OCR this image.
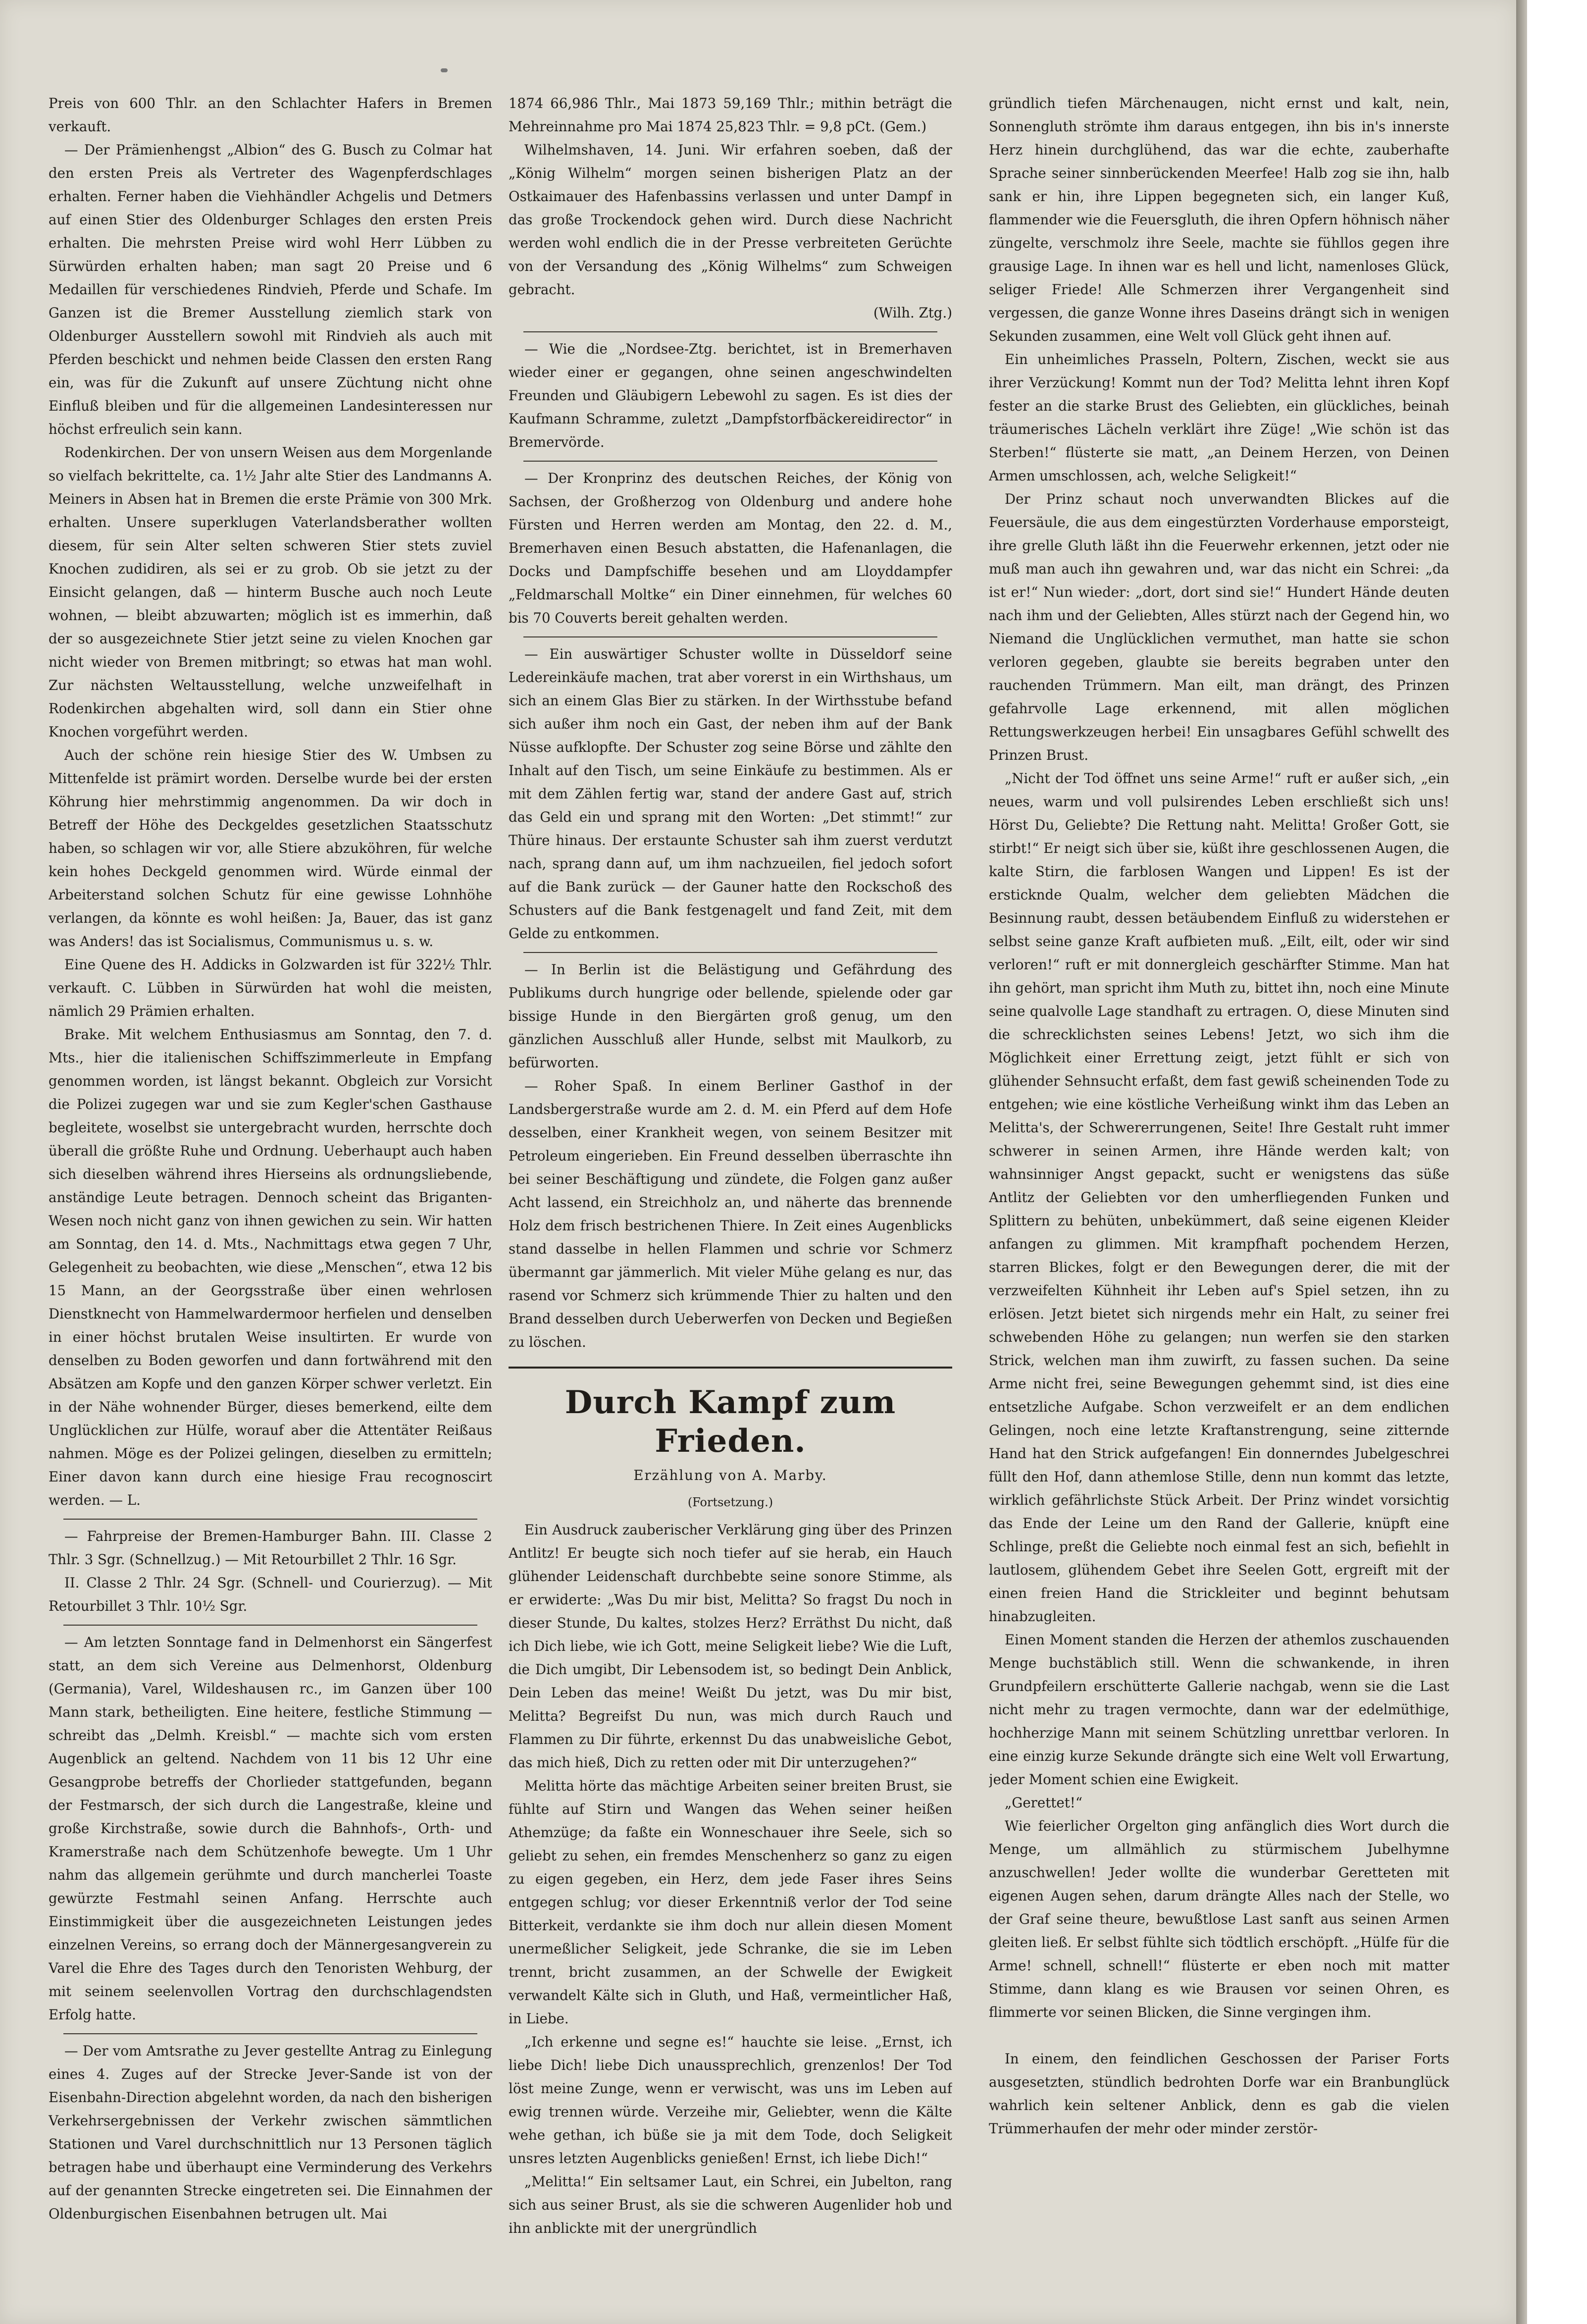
Preis von 600 Thlr. an den Schlachter Hafers in Bremen verkauft.

— Der Prämienhengst „Albion“ des G. Busch zu Colmar hat den ersten Preis als Vertreter des Wagenpferdschlages erhalten. Ferner haben die Viehhändler Achgelis und Detmers auf einen Stier des Oldenburger Schlages den ersten Preis erhalten. Die mehrsten Preise wird wohl Herr Lübben zu Sürwürden erhalten haben; man sagt 20 Preise und 6 Medaillen für verschiedenes Rindvieh, Pferde und Schafe. Im Ganzen ist die Bremer Ausstellung ziemlich stark von Oldenburger Ausstellern sowohl mit Rindvieh als auch mit Pferden beschickt und nehmen beide Classen den ersten Rang ein, was für die Zukunft auf unsere Züchtung nicht ohne Einfluß bleiben und für die allgemeinen Landesinteressen nur höchst erfreulich sein kann.

Rodenkirchen. Der von unsern Weisen aus dem Morgenlande so vielfach bekrittelte, ca. 1½ Jahr alte Stier des Landmanns A. Meiners in Absen hat in Bremen die erste Prämie von 300 Mrk. erhalten. Unsere superklugen Vaterlandsberather wollten diesem, für sein Alter selten schweren Stier stets zuviel Knochen zudidiren, als sei er zu grob. Ob sie jetzt zu der Einsicht gelangen, daß — hinterm Busche auch noch Leute wohnen, — bleibt abzuwarten; möglich ist es immerhin, daß der so ausgezeichnete Stier jetzt seine zu vielen Knochen gar nicht wieder von Bremen mitbringt; so etwas hat man wohl. Zur nächsten Weltausstellung, welche unzweifelhaft in Rodenkirchen abgehalten wird, soll dann ein Stier ohne Knochen vorgeführt werden.

Auch der schöne rein hiesige Stier des W. Umbsen zu Mittenfelde ist prämirt worden. Derselbe wurde bei der ersten Köhrung hier mehrstimmig angenommen. Da wir doch in Betreff der Höhe des Deckgeldes gesetzlichen Staatsschutz haben, so schlagen wir vor, alle Stiere abzuköhren, für welche kein hohes Deckgeld genommen wird. Würde einmal der Arbeiterstand solchen Schutz für eine gewisse Lohnhöhe verlangen, da könnte es wohl heißen: Ja, Bauer, das ist ganz was Anders! das ist Socialismus, Communismus u. s. w.

Eine Quene des H. Addicks in Golzwarden ist für 322½ Thlr. verkauft. C. Lübben in Sürwürden hat wohl die meisten, nämlich 29 Prämien erhalten.

Brake. Mit welchem Enthusiasmus am Sonntag, den 7. d. Mts., hier die italienischen Schiffszimmerleute in Empfang genommen worden, ist längst bekannt. Obgleich zur Vorsicht die Polizei zugegen war und sie zum Kegler'schen Gasthause begleitete, woselbst sie untergebracht wurden, herrschte doch überall die größte Ruhe und Ordnung. Ueberhaupt auch haben sich dieselben während ihres Hierseins als ordnungsliebende, anständige Leute betragen. Dennoch scheint das Briganten-Wesen noch nicht ganz von ihnen gewichen zu sein. Wir hatten am Sonntag, den 14. d. Mts., Nachmittags etwa gegen 7 Uhr, Gelegenheit zu beobachten, wie diese „Menschen“, etwa 12 bis 15 Mann, an der Georgsstraße über einen wehrlosen Dienstknecht von Hammelwardermoor herfielen und denselben in einer höchst brutalen Weise insultirten. Er wurde von denselben zu Boden geworfen und dann fortwährend mit den Absätzen am Kopfe und den ganzen Körper schwer verletzt. Ein in der Nähe wohnender Bürger, dieses bemerkend, eilte dem Unglücklichen zur Hülfe, worauf aber die Attentäter Reißaus nahmen. Möge es der Polizei gelingen, dieselben zu ermitteln; Einer davon kann durch eine hiesige Frau recognoscirt werden. — L.

— Fahrpreise der Bremen-Hamburger Bahn. III. Classe 2 Thlr. 3 Sgr. (Schnellzug.) — Mit Retourbillet 2 Thlr. 16 Sgr.

II. Classe 2 Thlr. 24 Sgr. (Schnell- und Courierzug). — Mit Retourbillet 3 Thlr. 10½ Sgr.

— Am letzten Sonntage fand in Delmenhorst ein Sängerfest statt, an dem sich Vereine aus Delmenhorst, Oldenburg (Germania), Varel, Wildeshausen rc., im Ganzen über 100 Mann stark, betheiligten. Eine heitere, festliche Stimmung — schreibt das „Delmh. Kreisbl.“ — machte sich vom ersten Augenblick an geltend. Nachdem von 11 bis 12 Uhr eine Gesangprobe betreffs der Chorlieder stattgefunden, begann der Festmarsch, der sich durch die Langestraße, kleine und große Kirchstraße, sowie durch die Bahnhofs-, Orth- und Kramerstraße nach dem Schützenhofe bewegte. Um 1 Uhr nahm das allgemein gerühmte und durch mancherlei Toaste gewürzte Festmahl seinen Anfang. Herrschte auch Einstimmigkeit über die ausgezeichneten Leistungen jedes einzelnen Vereins, so errang doch der Männergesangverein zu Varel die Ehre des Tages durch den Tenoristen Wehburg, der mit seinem seelenvollen Vortrag den durchschlagendsten Erfolg hatte.

— Der vom Amtsrathe zu Jever gestellte Antrag zu Einlegung eines 4. Zuges auf der Strecke Jever-Sande ist von der Eisenbahn-Direction abgelehnt worden, da nach den bisherigen Verkehrsergebnissen der Verkehr zwischen sämmtlichen Stationen und Varel durchschnittlich nur 13 Personen täglich betragen habe und überhaupt eine Verminderung des Verkehrs auf der genannten Strecke eingetreten sei. Die Einnahmen der Oldenburgischen Eisenbahnen betrugen ult. Mai

1874 66,986 Thlr., Mai 1873 59,169 Thlr.; mithin beträgt die Mehreinnahme pro Mai 1874 25,823 Thlr. = 9,8 pCt. (Gem.)

Wilhelmshaven, 14. Juni. Wir erfahren soeben, daß der „König Wilhelm“ morgen seinen bisherigen Platz an der Ostkaimauer des Hafenbassins verlassen und unter Dampf in das große Trockendock gehen wird. Durch diese Nachricht werden wohl endlich die in der Presse verbreiteten Gerüchte von der Versandung des „König Wilhelms“ zum Schweigen gebracht.

(Wilh. Ztg.)

— Wie die „Nordsee-Ztg. berichtet, ist in Bremerhaven wieder einer er gegangen, ohne seinen angeschwindelten Freunden und Gläubigern Lebewohl zu sagen. Es ist dies der Kaufmann Schramme, zuletzt „Dampfstorfbäckereidirector“ in Bremervörde.

— Der Kronprinz des deutschen Reiches, der König von Sachsen, der Großherzog von Oldenburg und andere hohe Fürsten und Herren werden am Montag, den 22. d. M., Bremerhaven einen Besuch abstatten, die Hafenanlagen, die Docks und Dampfschiffe besehen und am Lloyddampfer „Feldmarschall Moltke“ ein Diner einnehmen, für welches 60 bis 70 Couverts bereit gehalten werden.

— Ein auswärtiger Schuster wollte in Düsseldorf seine Ledereinkäufe machen, trat aber vorerst in ein Wirthshaus, um sich an einem Glas Bier zu stärken. In der Wirthsstube befand sich außer ihm noch ein Gast, der neben ihm auf der Bank Nüsse aufklopfte. Der Schuster zog seine Börse und zählte den Inhalt auf den Tisch, um seine Einkäufe zu bestimmen. Als er mit dem Zählen fertig war, stand der andere Gast auf, strich das Geld ein und sprang mit den Worten: „Det stimmt!“ zur Thüre hinaus. Der erstaunte Schuster sah ihm zuerst verdutzt nach, sprang dann auf, um ihm nachzueilen, fiel jedoch sofort auf die Bank zurück — der Gauner hatte den Rockschoß des Schusters auf die Bank festgenagelt und fand Zeit, mit dem Gelde zu entkommen.

— In Berlin ist die Belästigung und Gefährdung des Publikums durch hungrige oder bellende, spielende oder gar bissige Hunde in den Biergärten groß genug, um den gänzlichen Ausschluß aller Hunde, selbst mit Maulkorb, zu befürworten.

— Roher Spaß. In einem Berliner Gasthof in der Landsbergerstraße wurde am 2. d. M. ein Pferd auf dem Hofe desselben, einer Krankheit wegen, von seinem Besitzer mit Petroleum eingerieben. Ein Freund desselben überraschte ihn bei seiner Beschäftigung und zündete, die Folgen ganz außer Acht lassend, ein Streichholz an, und näherte das brennende Holz dem frisch bestrichenen Thiere. In Zeit eines Augenblicks stand dasselbe in hellen Flammen und schrie vor Schmerz übermannt gar jämmerlich. Mit vieler Mühe gelang es nur, das rasend vor Schmerz sich krümmende Thier zu halten und den Brand desselben durch Ueberwerfen von Decken und Begießen zu löschen.

Durch Kampf zum Frieden.
Erzählung von A. Marby.
(Fortsetzung.)

Ein Ausdruck zauberischer Verklärung ging über des Prinzen Antlitz! Er beugte sich noch tiefer auf sie herab, ein Hauch glühender Leidenschaft durchbebte seine sonore Stimme, als er erwiderte: „Was Du mir bist, Melitta? So fragst Du noch in dieser Stunde, Du kaltes, stolzes Herz? Erräthst Du nicht, daß ich Dich liebe, wie ich Gott, meine Seligkeit liebe? Wie die Luft, die Dich umgibt, Dir Lebensodem ist, so bedingt Dein Anblick, Dein Leben das meine! Weißt Du jetzt, was Du mir bist, Melitta? Begreifst Du nun, was mich durch Rauch und Flammen zu Dir führte, erkennst Du das unabweisliche Gebot, das mich hieß, Dich zu retten oder mit Dir unterzugehen?“

Melitta hörte das mächtige Arbeiten seiner breiten Brust, sie fühlte auf Stirn und Wangen das Wehen seiner heißen Athemzüge; da faßte ein Wonneschauer ihre Seele, sich so geliebt zu sehen, ein fremdes Menschenherz so ganz zu eigen zu eigen gegeben, ein Herz, dem jede Faser ihres Seins entgegen schlug; vor dieser Erkenntniß verlor der Tod seine Bitterkeit, verdankte sie ihm doch nur allein diesen Moment unermeßlicher Seligkeit, jede Schranke, die sie im Leben trennt, bricht zusammen, an der Schwelle der Ewigkeit verwandelt Kälte sich in Gluth, und Haß, vermeintlicher Haß, in Liebe.

„Ich erkenne und segne es!“ hauchte sie leise. „Ernst, ich liebe Dich! liebe Dich unaussprechlich, grenzenlos! Der Tod löst meine Zunge, wenn er verwischt, was uns im Leben auf ewig trennen würde. Verzeihe mir, Geliebter, wenn die Kälte wehe gethan, ich büße sie ja mit dem Tode, doch Seligkeit unsres letzten Augenblicks genießen! Ernst, ich liebe Dich!“

„Melitta!“ Ein seltsamer Laut, ein Schrei, ein Jubelton, rang sich aus seiner Brust, als sie die schweren Augenlider hob und ihn anblickte mit der unergründlich

gründlich tiefen Märchenaugen, nicht ernst und kalt, nein, Sonnengluth strömte ihm daraus entgegen, ihn bis in's innerste Herz hinein durchglühend, das war die echte, zauberhafte Sprache seiner sinnberückenden Meerfee! Halb zog sie ihn, halb sank er hin, ihre Lippen begegneten sich, ein langer Kuß, flammender wie die Feuersgluth, die ihren Opfern höhnisch näher züngelte, verschmolz ihre Seele, machte sie fühllos gegen ihre grausige Lage. In ihnen war es hell und licht, namenloses Glück, seliger Friede! Alle Schmerzen ihrer Vergangenheit sind vergessen, die ganze Wonne ihres Daseins drängt sich in wenigen Sekunden zusammen, eine Welt voll Glück geht ihnen auf.

Ein unheimliches Prasseln, Poltern, Zischen, weckt sie aus ihrer Verzückung! Kommt nun der Tod? Melitta lehnt ihren Kopf fester an die starke Brust des Geliebten, ein glückliches, beinah träumerisches Lächeln verklärt ihre Züge! „Wie schön ist das Sterben!“ flüsterte sie matt, „an Deinem Herzen, von Deinen Armen umschlossen, ach, welche Seligkeit!“

Der Prinz schaut noch unverwandten Blickes auf die Feuersäule, die aus dem eingestürzten Vorderhause emporsteigt, ihre grelle Gluth läßt ihn die Feuerwehr erkennen, jetzt oder nie muß man auch ihn gewahren und, war das nicht ein Schrei: „da ist er!“ Nun wieder: „dort, dort sind sie!“ Hundert Hände deuten nach ihm und der Geliebten, Alles stürzt nach der Gegend hin, wo Niemand die Unglücklichen vermuthet, man hatte sie schon verloren gegeben, glaubte sie bereits begraben unter den rauchenden Trümmern. Man eilt, man drängt, des Prinzen gefahrvolle Lage erkennend, mit allen möglichen Rettungswerkzeugen herbei! Ein unsagbares Gefühl schwellt des Prinzen Brust.

„Nicht der Tod öffnet uns seine Arme!“ ruft er außer sich, „ein neues, warm und voll pulsirendes Leben erschließt sich uns! Hörst Du, Geliebte? Die Rettung naht. Melitta! Großer Gott, sie stirbt!“ Er neigt sich über sie, küßt ihre geschlossenen Augen, die kalte Stirn, die farblosen Wangen und Lippen! Es ist der ersticknde Qualm, welcher dem geliebten Mädchen die Besinnung raubt, dessen betäubendem Einfluß zu widerstehen er selbst seine ganze Kraft aufbieten muß. „Eilt, eilt, oder wir sind verloren!“ ruft er mit donnergleich geschärfter Stimme. Man hat ihn gehört, man spricht ihm Muth zu, bittet ihn, noch eine Minute seine qualvolle Lage standhaft zu ertragen. O, diese Minuten sind die schrecklichsten seines Lebens! Jetzt, wo sich ihm die Möglichkeit einer Errettung zeigt, jetzt fühlt er sich von glühender Sehnsucht erfaßt, dem fast gewiß scheinenden Tode zu entgehen; wie eine köstliche Verheißung winkt ihm das Leben an Melitta's, der Schwererrungenen, Seite! Ihre Gestalt ruht immer schwerer in seinen Armen, ihre Hände werden kalt; von wahnsinniger Angst gepackt, sucht er wenigstens das süße Antlitz der Geliebten vor den umherfliegenden Funken und Splittern zu behüten, unbekümmert, daß seine eigenen Kleider anfangen zu glimmen. Mit krampfhaft pochendem Herzen, starren Blickes, folgt er den Bewegungen derer, die mit der verzweifelten Kühnheit ihr Leben auf's Spiel setzen, ihn zu erlösen. Jetzt bietet sich nirgends mehr ein Halt, zu seiner frei schwebenden Höhe zu gelangen; nun werfen sie den starken Strick, welchen man ihm zuwirft, zu fassen suchen. Da seine Arme nicht frei, seine Bewegungen gehemmt sind, ist dies eine entsetzliche Aufgabe. Schon verzweifelt er an dem endlichen Gelingen, noch eine letzte Kraftanstrengung, seine zitternde Hand hat den Strick aufgefangen! Ein donnerndes Jubelgeschrei füllt den Hof, dann athemlose Stille, denn nun kommt das letzte, wirklich gefährlichste Stück Arbeit. Der Prinz windet vorsichtig das Ende der Leine um den Rand der Gallerie, knüpft eine Schlinge, preßt die Geliebte noch einmal fest an sich, befiehlt in lautlosem, glühendem Gebet ihre Seelen Gott, ergreift mit der einen freien Hand die Strickleiter und beginnt behutsam hinabzugleiten.

Einen Moment standen die Herzen der athemlos zuschauenden Menge buchstäblich still. Wenn die schwankende, in ihren Grundpfeilern erschütterte Gallerie nachgab, wenn sie die Last nicht mehr zu tragen vermochte, dann war der edelmüthige, hochherzige Mann mit seinem Schützling unrettbar verloren. In eine einzig kurze Sekunde drängte sich eine Welt voll Erwartung, jeder Moment schien eine Ewigkeit.

„Gerettet!“

Wie feierlicher Orgelton ging anfänglich dies Wort durch die Menge, um allmählich zu stürmischem Jubelhymne anzuschwellen! Jeder wollte die wunderbar Geretteten mit eigenen Augen sehen, darum drängte Alles nach der Stelle, wo der Graf seine theure, bewußtlose Last sanft aus seinen Armen gleiten ließ. Er selbst fühlte sich tödtlich erschöpft. „Hülfe für die Arme! schnell, schnell!“ flüsterte er eben noch mit matter Stimme, dann klang es wie Brausen vor seinen Ohren, es flimmerte vor seinen Blicken, die Sinne vergingen ihm.

In einem, den feindlichen Geschossen der Pariser Forts ausgesetzten, stündlich bedrohten Dorfe war ein Branbunglück wahrlich kein seltener Anblick, denn es gab die vielen Trümmerhaufen der mehr oder minder zerstör-
